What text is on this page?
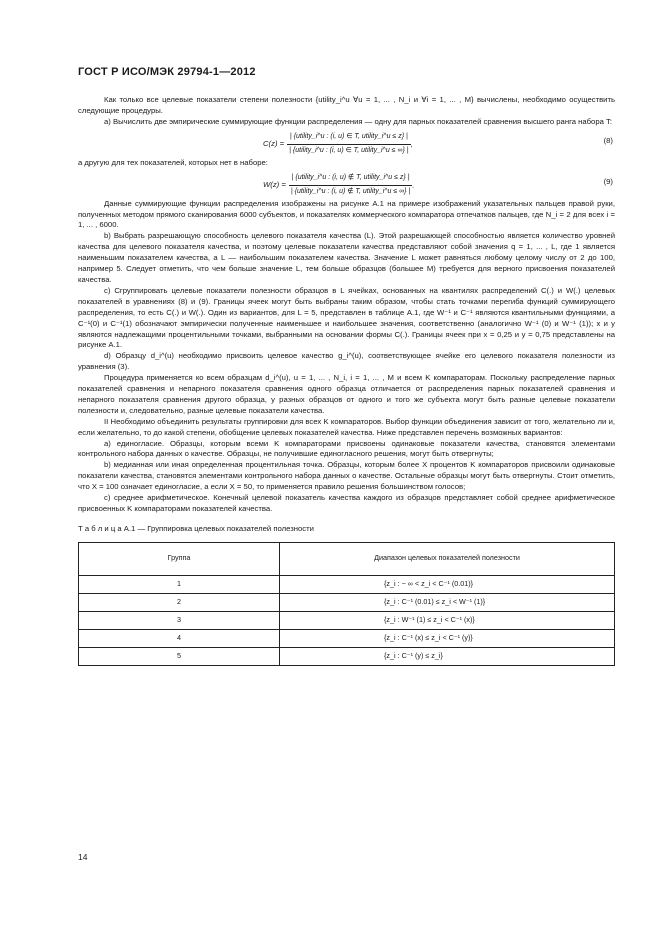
ГОСТ Р ИСО/МЭК 29794-1—2012

Как только все целевые показатели степени полезности {utility_i^u ∀u = 1, ... , N_i и ∀i = 1, ... , M} вычислены, необходимо осуществить следующие процедуры.

а) Вычислить две эмпирические суммирующие функции распределения — одну для парных показателей сравнения высшего ранга набора T:

$C(z) = \frac{\text{| \{utility\_i\textasciicircum{}u : (i, u) ∈ T, utility\_i\textasciicircum{}u ≤ z\} |}}{\text{| \{utility\_i\textasciicircum{}u : (i, u) ∈ T, utility\_i\textasciicircum{}u ≤ ∞\} |}}$ ,	(8)

а другую для тех показателей, которых нет в наборе:

$W(z) = \frac{\text{| \{utility\_i\textasciicircum{}u : (i, u) ∉ T, utility\_i\textasciicircum{}u ≤ z\} |}}{\text{| \{utility\_i\textasciicircum{}u : (i, u) ∉ T, utility\_i\textasciicircum{}u ≤ ∞\} |}}$ .	(9)

Данные суммирующие функции распределения изображены на рисунке А.1 на примере изображений указательных пальцев правой руки, полученных методом прямого сканирования 6000 субъектов, и показателях коммерческого компаратора отпечатков пальцев, где N_i = 2 для всех i = 1, ... , 6000.

b) Выбрать разрешающую способность целевого показателя качества (L). Этой разрешающей способностью является количество уровней качества для целевого показателя качества, и поэтому целевые показатели качества представляют собой значения q = 1, ... , L, где 1 является наименьшим показателем качества, а L — наибольшим показателем качества. Значение L может равняться любому целому числу от 2 до 100, например 5. Следует отметить, что чем больше значение L, тем больше образцов (большее M) требуется для верного присвоения показателей качества.

c) Сгруппировать целевые показатели полезности образцов в L ячейках, основанных на квантилях распределений C(.) и W(.) целевых показателей в уравнениях (8) и (9). Границы ячеек могут быть выбраны таким образом, чтобы стать точками перегиба функций суммирующего распределения, то есть C(.) и W(.). Один из вариантов, для L = 5, представлен в таблице А.1, где W⁻¹ и C⁻¹ являются квантильными функциями, а C⁻¹(0) и C⁻¹(1) обозначают эмпирически полученные наименьшее и наибольшее значения, соответственно (аналогично W⁻¹ (0) и W⁻¹ (1)); x и y являются надлежащими процентильными точками, выбранными на основании формы C(.). Границы ячеек при x = 0,25 и y = 0,75 представлены на рисунке А.1.

d) Образцу d_i^(u) необходимо присвоить целевое качество g_i^(u), соответствующее ячейке его целевого показателя полезности из уравнения (3).

Процедура применяется ко всем образцам d_i^(u), u = 1, ... , N_i, i = 1, ... , M и всем K компараторам. Поскольку распределение парных показателей сравнения и непарного показателя сравнения одного образца отличается от распределения парных показателей сравнения и непарного показателя сравнения другого образца, у разных образцов от одного и того же субъекта могут быть разные целевые показатели полезности и, следовательно, разные целевые показатели качества.

II Необходимо объединить результаты группировки для всех K компараторов. Выбор функции объединения зависит от того, желательно ли и, если желательно, то до какой степени, обобщение целевых показателей качества. Ниже представлен перечень возможных вариантов:

а) единогласие. Образцы, которым всеми K компараторами присвоены одинаковые показатели качества, становятся элементами контрольного набора данных о качестве. Образцы, не получившие единогласного решения, могут быть отвергнуты;

b) медианная или иная определенная процентильная точка. Образцы, которым более X процентов K компараторов присвоили одинаковые показатели качества, становятся элементами контрольного набора данных о качестве. Остальные образцы могут быть отвергнуты. Стоит отметить, что X = 100 означает единогласие, а если X = 50, то применяется правило решения большинством голосов;

c) среднее арифметическое. Конечный целевой показатель качества каждого из образцов представляет собой среднее арифметическое присвоенных K компараторами показателей качества.

Т а б л и ц а А.1 — Группировка целевых показателей полезности
Группа	Диапазон целевых показателей полезности
1	{z_i : − ∞ < z_i < C⁻¹ (0.01)}
2	{z_i : C⁻¹ (0.01) ≤ z_i < W⁻¹ (1)}
3	{z_i : W⁻¹ (1) ≤ z_i < C⁻¹ (x)}
4	{z_i : C⁻¹ (x) ≤ z_i < C⁻¹ (y)}
5	{z_i : C⁻¹ (y) ≤ z_i}
14
